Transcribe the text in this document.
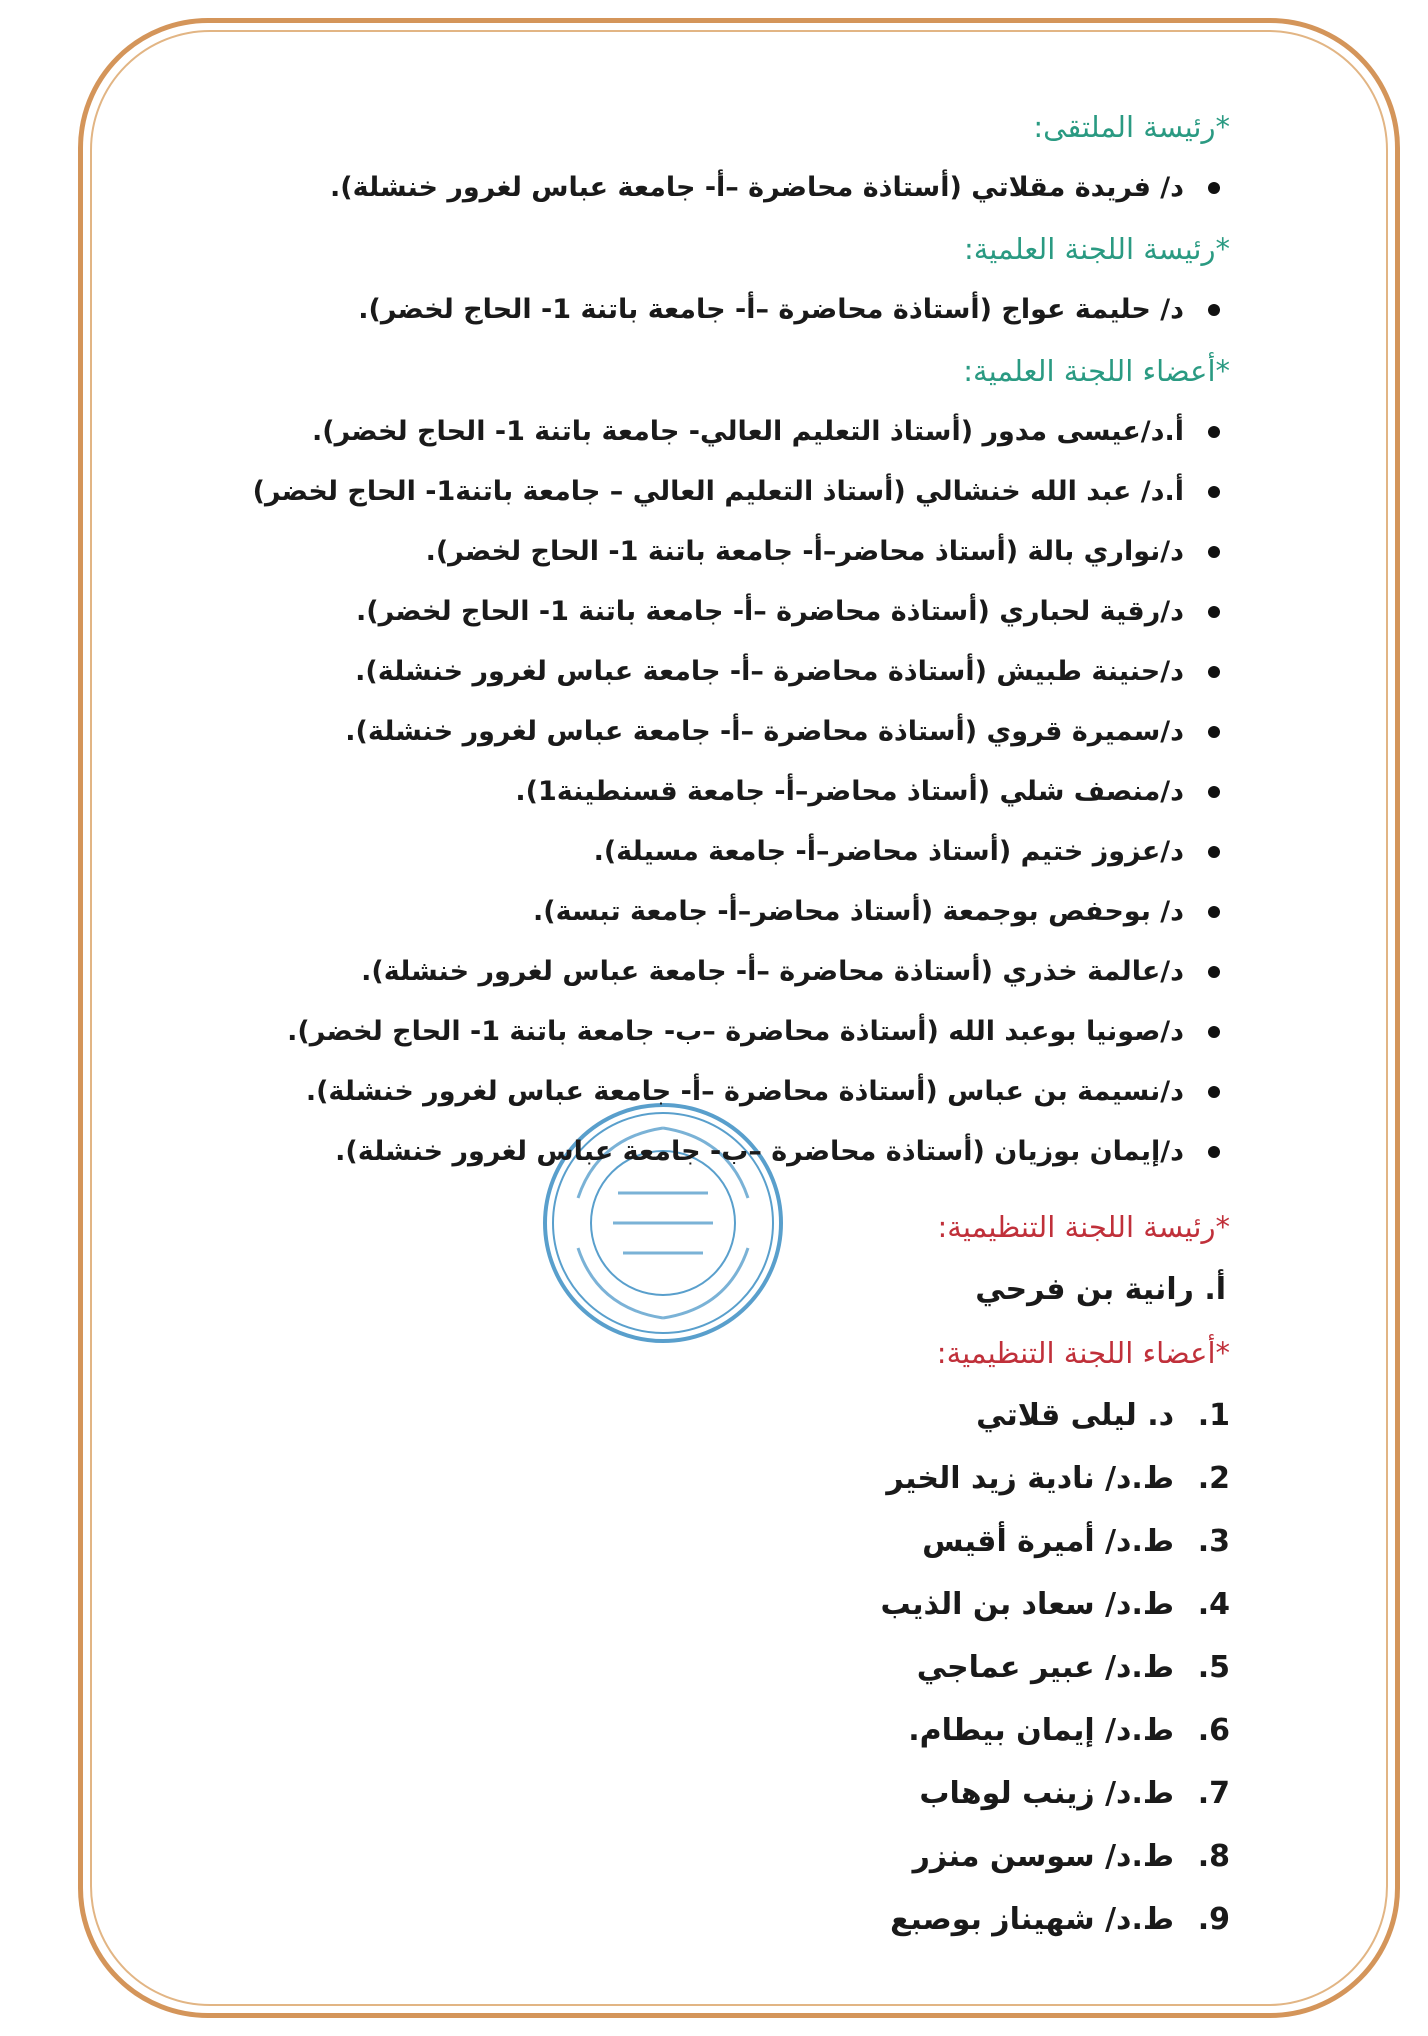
*رئيسة الملتقى:
د/ فريدة مقلاتي (أستاذة محاضرة –أ- جامعة عباس لغرور خنشلة).
*رئيسة اللجنة العلمية:
د/ حليمة عواج (أستاذة محاضرة –أ- جامعة باتنة 1- الحاج لخضر).
*أعضاء اللجنة العلمية:
أ.د/عيسى مدور (أستاذ التعليم العالي- جامعة باتنة 1- الحاج لخضر).
أ.د/ عبد الله خنشالي (أستاذ التعليم العالي – جامعة باتنة1- الحاج لخضر)
د/نواري بالة (أستاذ محاضر–أ- جامعة باتنة 1- الحاج لخضر).
د/رقية لحباري (أستاذة محاضرة –أ- جامعة باتنة 1- الحاج لخضر).
د/حنينة طبيش (أستاذة محاضرة –أ- جامعة عباس لغرور خنشلة).
د/سميرة قروي (أستاذة محاضرة –أ- جامعة عباس لغرور خنشلة).
د/منصف شلي (أستاذ محاضر–أ- جامعة قسنطينة1).
د/عزوز ختيم (أستاذ محاضر–أ- جامعة مسيلة).
د/ بوحفص بوجمعة (أستاذ محاضر–أ- جامعة تبسة).
د/عالمة خذري (أستاذة محاضرة –أ- جامعة عباس لغرور خنشلة).
د/صونيا بوعبد الله (أستاذة محاضرة –ب- جامعة باتنة 1- الحاج لخضر).
د/نسيمة بن عباس (أستاذة محاضرة –أ- جامعة عباس لغرور خنشلة).
د/إيمان بوزيان (أستاذة محاضرة –ب- جامعة عباس لغرور خنشلة).
*رئيسة اللجنة التنظيمية:
أ. رانية بن فرحي
*أعضاء اللجنة التنظيمية:
1.
د. ليلى قلاتي
2.
ط.د/ نادية زيد الخير
3.
ط.د/ أميرة أقيس
4.
ط.د/ سعاد بن الذيب
5.
ط.د/ عبير عماجي
6.
ط.د/ إيمان بيطام.
7.
ط.د/ زينب لوهاب
8.
ط.د/ سوسن منزر
9.
ط.د/ شهيناز بوصبع
